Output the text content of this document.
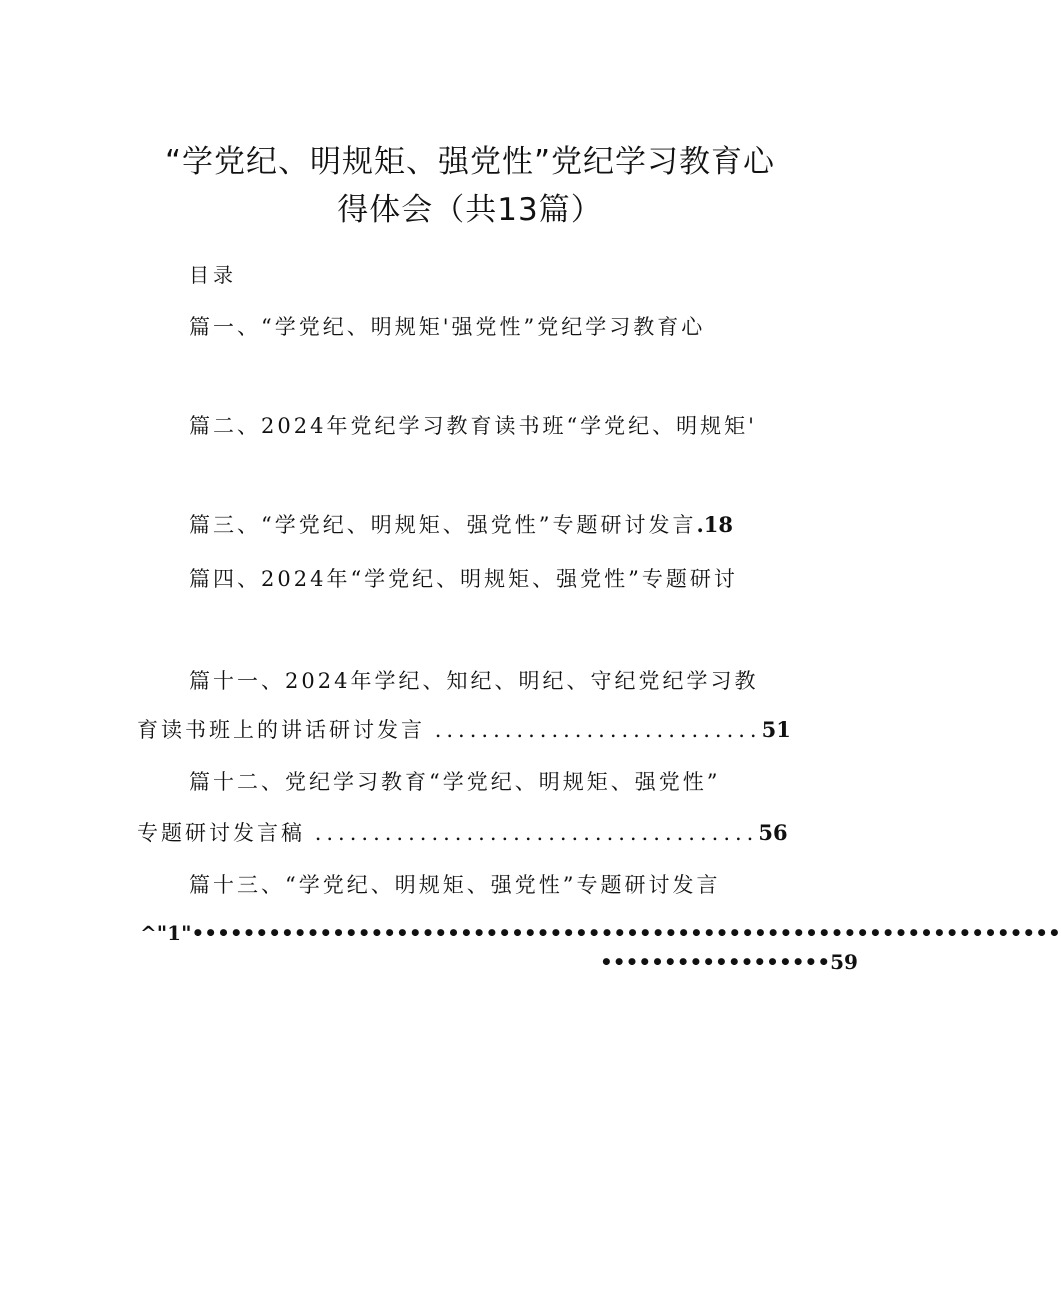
“学党纪、明规矩、强党性”党纪学习教育心
得体会（共13篇）
目录
篇一、“学党纪、明规矩'强党性”党纪学习教育心
篇二、2024年党纪学习教育读书班“学党纪、明规矩'
篇三、“学党纪、明规矩、强党性”专题研讨发言.18
篇四、2024年“学党纪、明规矩、强党性”专题研讨
篇十一、2024年学纪、知纪、明纪、守纪党纪学习教
育读书班上的讲话研讨发言 ............................51
篇十二、党纪学习教育“学党纪、明规矩、强党性”
专题研讨发言稿 ......................................56
篇十三、“学党纪、明规矩、强党性”专题研讨发言
^"1"••••••••••••••••••••••••••••••••••••••••••••••••••••••••••••••••••••
••••••••••••••••••59
